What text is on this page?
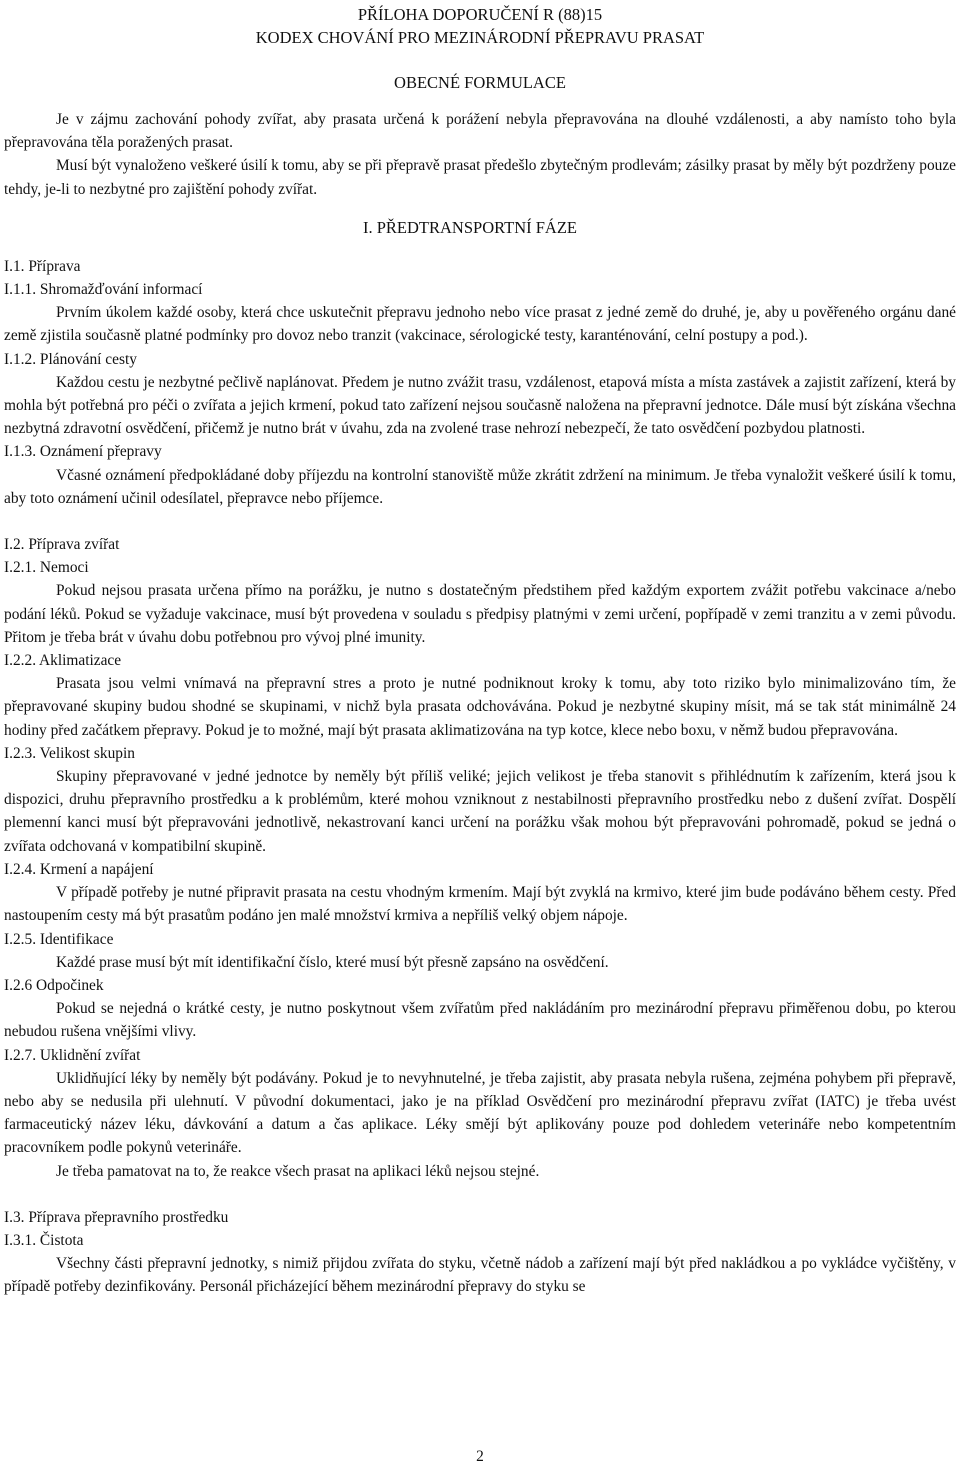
PŘÍLOHA DOPORUČENÍ R (88)15
KODEX CHOVÁNÍ PRO MEZINÁRODNÍ PŘEPRAVU PRASAT
OBECNÉ FORMULACE

Je v zájmu zachování pohody zvířat, aby prasata určená k porážení nebyla přepravována na dlouhé vzdálenosti, a aby namísto toho byla přepravována těla poražených prasat.

Musí být vynaloženo veškeré úsilí k tomu, aby se při přepravě prasat předešlo zbytečným prodlevám; zásilky prasat by měly být pozdrženy pouze tehdy, je-li to nezbytné pro zajištění pohody zvířat.

I. PŘEDTRANSPORTNÍ FÁZE
I.1. Příprava
I.1.1. Shromažďování informací

Prvním úkolem každé osoby, která chce uskutečnit přepravu jednoho nebo více prasat z jedné země do druhé, je, aby u pověřeného orgánu dané země zjistila současně platné podmínky pro dovoz nebo tranzit (vakcinace, sérologické testy, karanténování, celní postupy a pod.).

I.1.2. Plánování cesty

Každou cestu je nezbytné pečlivě naplánovat. Předem je nutno zvážit trasu, vzdálenost, etapová místa a místa zastávek a zajistit zařízení, která by mohla být potřebná pro péči o zvířata a jejich krmení, pokud tato zařízení nejsou současně naložena na přepravní jednotce. Dále musí být získána všechna nezbytná zdravotní osvědčení, přičemž je nutno brát v úvahu, zda na zvolené trase nehrozí nebezpečí, že tato osvědčení pozbydou platnosti.

I.1.3. Oznámení přepravy

Včasné oznámení předpokládané doby příjezdu na kontrolní stanoviště může zkrátit zdržení na minimum. Je třeba vynaložit veškeré úsilí k tomu, aby toto oznámení učinil odesílatel, přepravce nebo příjemce.

I.2. Příprava zvířat
I.2.1. Nemoci

Pokud nejsou prasata určena přímo na porážku, je nutno s dostatečným předstihem před každým exportem zvážit potřebu vakcinace a/nebo podání léků. Pokud se vyžaduje vakcinace, musí být provedena v souladu s předpisy platnými v zemi určení, popřípadě v zemi tranzitu a v zemi původu. Přitom je třeba brát v úvahu dobu potřebnou pro vývoj plné imunity.

I.2.2. Aklimatizace

Prasata jsou velmi vnímavá na přepravní stres a proto je nutné podniknout kroky k tomu, aby toto riziko bylo minimalizováno tím, že přepravované skupiny budou shodné se skupinami, v nichž byla prasata odchovávána. Pokud je nezbytné skupiny mísit, má se tak stát minimálně 24 hodiny před začátkem přepravy. Pokud je to možné, mají být prasata aklimatizována na typ kotce, klece nebo boxu, v němž budou přepravována.

I.2.3. Velikost skupin

Skupiny přepravované v jedné jednotce by neměly být příliš veliké; jejich velikost je třeba stanovit s přihlédnutím k zařízením, která jsou k dispozici, druhu přepravního prostředku a k problémům, které mohou vzniknout z nestabilnosti přepravního prostředku nebo z dušení zvířat. Dospělí plemenní kanci musí být přepravováni jednotlivě, nekastrovaní kanci určení na porážku však mohou být přepravováni pohromadě, pokud se jedná o zvířata odchovaná v kompatibilní skupině.

I.2.4. Krmení a napájení

V případě potřeby je nutné připravit prasata na cestu vhodným krmením. Mají být zvyklá na krmivo, které jim bude podáváno během cesty. Před nastoupením cesty má být prasatům podáno jen malé množství krmiva a nepříliš velký objem nápoje.

I.2.5. Identifikace

Každé prase musí být mít identifikační číslo, které musí být přesně zapsáno na osvědčení.

I.2.6 Odpočinek

Pokud se nejedná o krátké cesty, je nutno poskytnout všem zvířatům před nakládáním pro mezinárodní přepravu přiměřenou dobu, po kterou nebudou rušena vnějšími vlivy.

I.2.7. Uklidnění zvířat

Uklidňující léky by neměly být podávány. Pokud je to nevyhnutelné, je třeba zajistit, aby prasata nebyla rušena, zejména pohybem při přepravě, nebo aby se nedusila při ulehnutí. V původní dokumentaci, jako je na příklad Osvědčení pro mezinárodní přepravu zvířat (IATC) je třeba uvést farmaceutický název léku, dávkování a datum a čas aplikace. Léky smějí být aplikovány pouze pod dohledem veterináře nebo kompetentním pracovníkem podle pokynů veterináře.

Je třeba pamatovat na to, že reakce všech prasat na aplikaci léků nejsou stejné.

I.3. Příprava přepravního prostředku
I.3.1. Čistota

Všechny části přepravní jednotky, s nimiž přijdou zvířata do styku, včetně nádob a zařízení mají být před nakládkou a po vykládce vyčištěny, v případě potřeby dezinfikovány. Personál přicházející během mezinárodní přepravy do styku se

2
